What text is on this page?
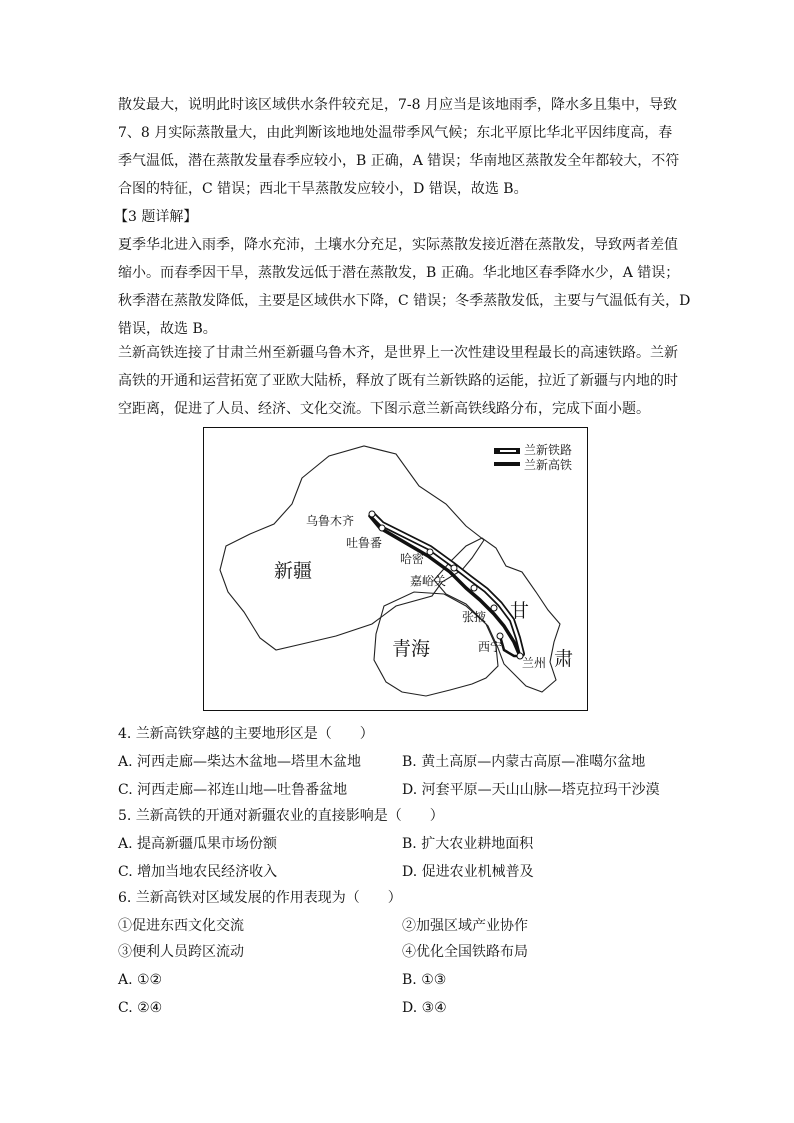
散发最大，说明此时该区域供水条件较充足，7-8 月应当是该地雨季，降水多且集中，导致
7、8 月实际蒸散量大，由此判断该地地处温带季风气候；东北平原比华北平因纬度高，春
季气温低，潜在蒸散发量春季应较小，B 正确，A 错误；华南地区蒸散发全年都较大，不符
合图的特征，C 错误；西北干旱蒸散发应较小，D 错误，故选 B。
【3 题详解】
夏季华北进入雨季，降水充沛，土壤水分充足，实际蒸散发接近潜在蒸散发，导致两者差值
缩小。而春季因干旱，蒸散发远低于潜在蒸散发，B 正确。华北地区春季降水少，A 错误；
秋季潜在蒸散发降低，主要是区域供水下降，C 错误；冬季蒸散发低，主要与气温低有关，D
错误，故选 B。
兰新高铁连接了甘肃兰州至新疆乌鲁木齐，是世界上一次性建设里程最长的高速铁路。兰新
高铁的开通和运营拓宽了亚欧大陆桥，释放了既有兰新铁路的运能，拉近了新疆与内地的时
空距离，促进了人员、经济、文化交流。下图示意兰新高铁线路分布，完成下面小题。
兰新铁路
兰新高铁
新疆
青海
甘
肃
乌鲁木齐
吐鲁番
哈密
嘉峪关
张掖
西宁
兰州
4. 兰新高铁穿越的主要地形区是（　　）
A. 河西走廊—柴达木盆地—塔里木盆地	B. 黄土高原—内蒙古高原—准噶尔盆地
C. 河西走廊—祁连山地—吐鲁番盆地	D. 河套平原—天山山脉—塔克拉玛干沙漠
5. 兰新高铁的开通对新疆农业的直接影响是（　　）
A. 提高新疆瓜果市场份额	B. 扩大农业耕地面积
C. 增加当地农民经济收入	D. 促进农业机械普及
6. 兰新高铁对区域发展的作用表现为（　　）
①促进东西文化交流	②加强区域产业协作
③便利人员跨区流动	④优化全国铁路布局
A. ①②	B. ①③
C. ②④	D. ③④
